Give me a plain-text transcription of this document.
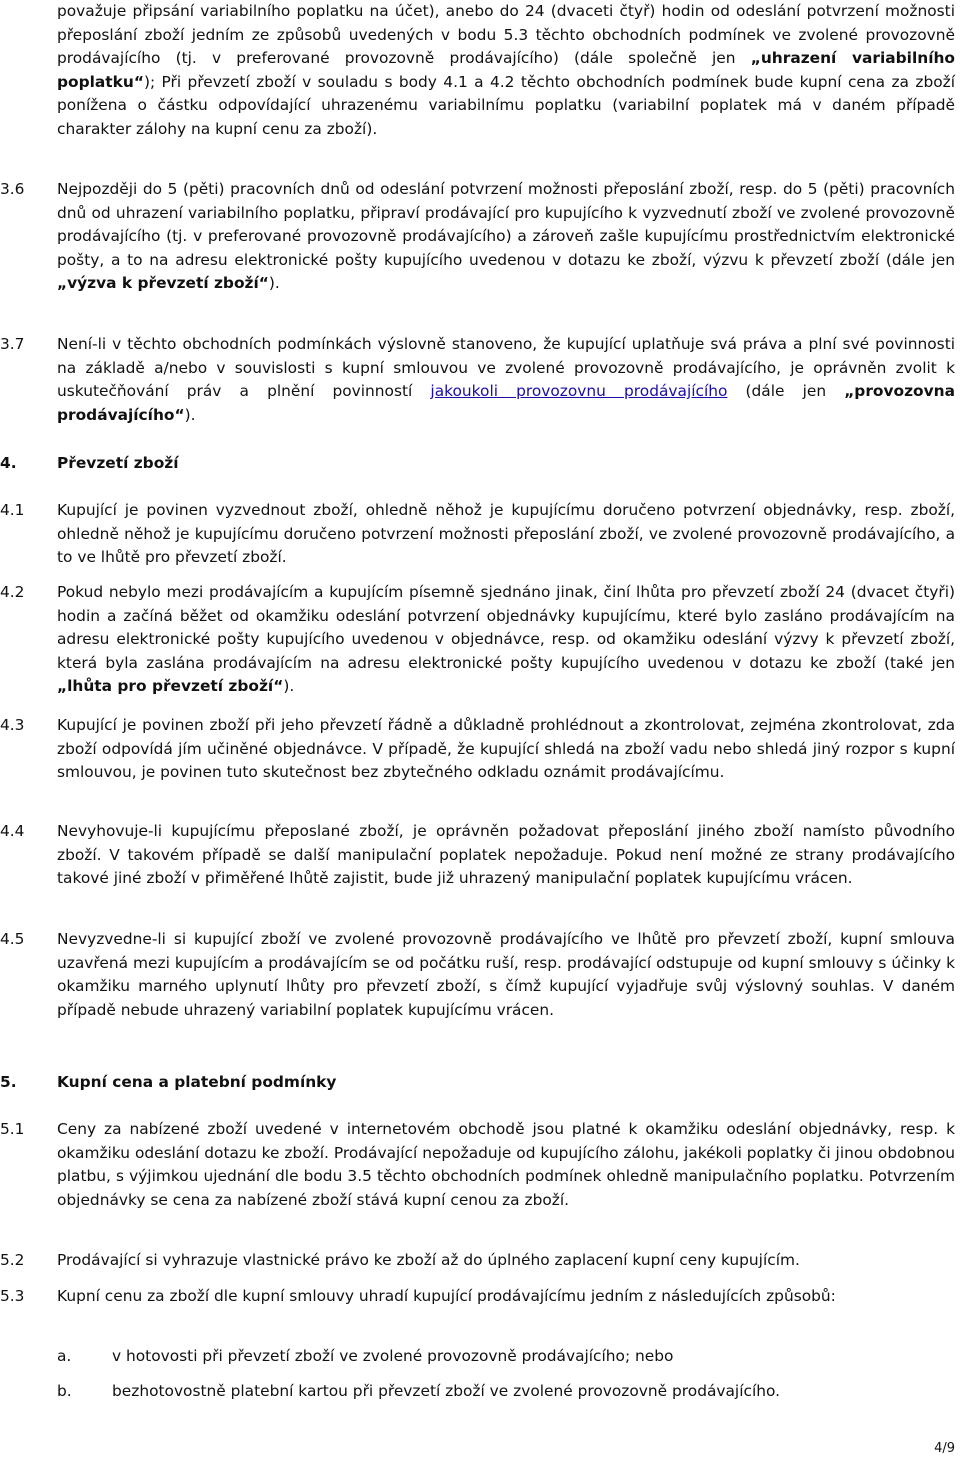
považuje připsání variabilního poplatku na účet), anebo do 24 (dvaceti čtyř) hodin od odeslání potvrzení možnosti přeposlání zboží jedním ze způsobů uvedených v bodu 5.3 těchto obchodních podmínek ve zvolené provozovně prodávajícího (tj. v preferované provozovně prodávajícího) (dále společně jen „uhrazení variabilního poplatku“); Při převzetí zboží v souladu s body 4.1 a 4.2 těchto obchodních podmínek bude kupní cena za zboží ponížena o částku odpovídající uhrazenému variabilnímu poplatku (variabilní poplatek má v daném případě charakter zálohy na kupní cenu za zboží).
3.6 Nejpozději do 5 (pěti) pracovních dnů od odeslání potvrzení možnosti přeposlání zboží, resp. do 5 (pěti) pracovních dnů od uhrazení variabilního poplatku, připraví prodávající pro kupujícího k vyzvednutí zboží ve zvolené provozovně prodávajícího (tj. v preferované provozovně prodávajícího) a zároveň zašle kupujícímu prostřednictvím elektronické pošty, a to na adresu elektronické pošty kupujícího uvedenou v dotazu ke zboží, výzvu k převzetí zboží (dále jen „výzva k převzetí zboží“).
3.7 Není-li v těchto obchodních podmínkách výslovně stanoveno, že kupující uplatňuje svá práva a plní své povinnosti na základě a/nebo v souvislosti s kupní smlouvou ve zvolené provozovně prodávajícího, je oprávněn zvolit k uskutečňování práv a plnění povinností jakoukoli provozovnu prodávajícího (dále jen „provozovna prodávajícího“).
4.	Převzetí zboží
4.1 Kupující je povinen vyzvednout zboží, ohledně něhož je kupujícímu doručeno potvrzení objednávky, resp. zboží, ohledně něhož je kupujícímu doručeno potvrzení možnosti přeposlání zboží, ve zvolené provozovně prodávajícího, a to ve lhůtě pro převzetí zboží.
4.2 Pokud nebylo mezi prodávajícím a kupujícím písemně sjednáno jinak, činí lhůta pro převzetí zboží 24 (dvacet čtyři) hodin a začíná běžet od okamžiku odeslání potvrzení objednávky kupujícímu, které bylo zasláno prodávajícím na adresu elektronické pošty kupujícího uvedenou v objednávce, resp. od okamžiku odeslání výzvy k převzetí zboží, která byla zaslána prodávajícím na adresu elektronické pošty kupujícího uvedenou v dotazu ke zboží (také jen „lhůta pro převzetí zboží“).
4.3 Kupující je povinen zboží při jeho převzetí řádně a důkladně prohlédnout a zkontrolovat, zejména zkontrolovat, zda zboží odpovídá jím učiněné objednávce. V případě, že kupující shledá na zboží vadu nebo shledá jiný rozpor s kupní smlouvou, je povinen tuto skutečnost bez zbytečného odkladu oznámit prodávajícímu.
4.4 Nevyhovuje-li kupujícímu přeposlané zboží, je oprávněn požadovat přeposlání jiného zboží namísto původního zboží. V takovém případě se další manipulační poplatek nepožaduje. Pokud není možné ze strany prodávajícího takové jiné zboží v přiměřené lhůtě zajistit, bude již uhrazený manipulační poplatek kupujícímu vrácen.
4.5 Nevyzvedne-li si kupující zboží ve zvolené provozovně prodávajícího ve lhůtě pro převzetí zboží, kupní smlouva uzavřená mezi kupujícím a prodávajícím se od počátku ruší, resp. prodávající odstupuje od kupní smlouvy s účinky k okamžiku marného uplynutí lhůty pro převzetí zboží, s čímž kupující vyjadřuje svůj výslovný souhlas. V daném případě nebude uhrazený variabilní poplatek kupujícímu vrácen.
5.	Kupní cena a platební podmínky
5.1 Ceny za nabízené zboží uvedené v internetovém obchodě jsou platné k okamžiku odeslání objednávky, resp. k okamžiku odeslání dotazu ke zboží. Prodávající nepožaduje od kupujícího zálohu, jakékoli poplatky či jinou obdobnou platbu, s výjimkou ujednání dle bodu 3.5 těchto obchodních podmínek ohledně manipulačního poplatku. Potvrzením objednávky se cena za nabízené zboží stává kupní cenou za zboží.
5.2 Prodávající si vyhrazuje vlastnické právo ke zboží až do úplného zaplacení kupní ceny kupujícím.
5.3 Kupní cenu za zboží dle kupní smlouvy uhradí kupující prodávajícímu jedním z následujících způsobů:
a.	v hotovosti při převzetí zboží ve zvolené provozovně prodávajícího; nebo
b.	bezhotovostně platební kartou při převzetí zboží ve zvolené provozovně prodávajícího.
4/9
